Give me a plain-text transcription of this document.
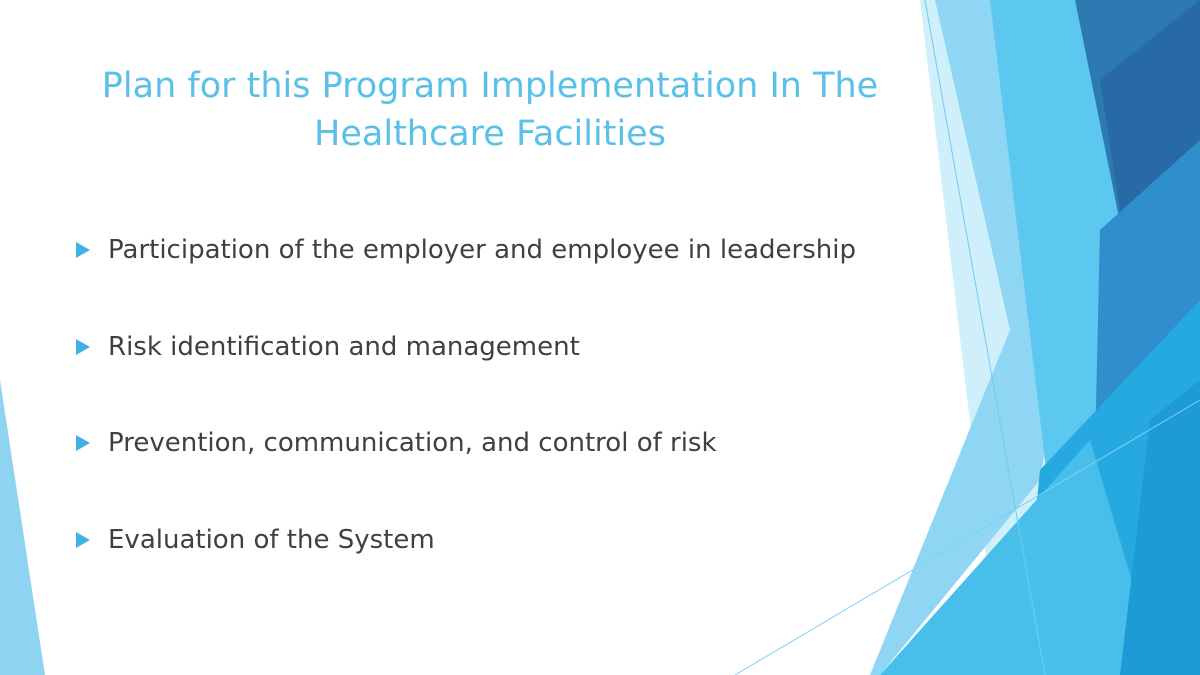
Plan for this Program Implementation In The Healthcare Facilities
Participation of the employer and employee in leadership
Risk identification and management
Prevention, communication, and control of risk
Evaluation of the System
